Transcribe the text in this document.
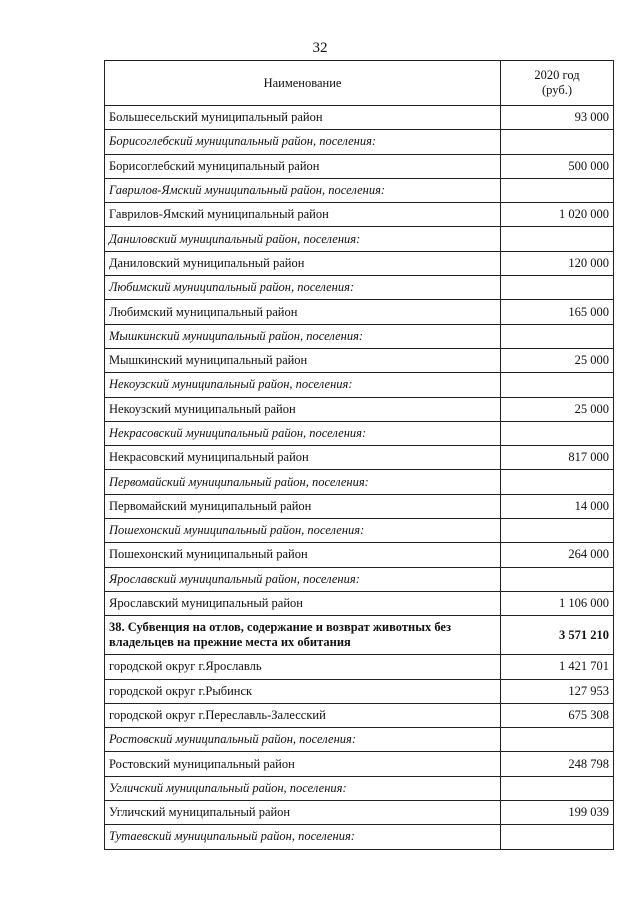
32
Наименование	2020 год
(руб.)
Большесельский муниципальный район	93 000
Борисоглебский муниципальный район, поселения:	
Борисоглебский муниципальный район	500 000
Гаврилов-Ямский муниципальный район, поселения:	
Гаврилов-Ямский муниципальный район	1 020 000
Даниловский муниципальный район, поселения:	
Даниловский муниципальный район	120 000
Любимский муниципальный район, поселения:	
Любимский муниципальный район	165 000
Мышкинский муниципальный район, поселения:	
Мышкинский муниципальный район	25 000
Некоузский муниципальный район, поселения:	
Некоузский муниципальный район	25 000
Некрасовский муниципальный район, поселения:	
Некрасовский муниципальный район	817 000
Первомайский муниципальный район, поселения:	
Первомайский муниципальный район	14 000
Пошехонский муниципальный район, поселения:	
Пошехонский муниципальный район	264 000
Ярославский муниципальный район, поселения:	
Ярославский муниципальный район	1 106 000
38. Субвенция на отлов, содержание и возврат животных без владельцев на прежние места их обитания	3 571 210
городской округ г.Ярославль	1 421 701
городской округ г.Рыбинск	127 953
городской округ г.Переславль-Залесский	675 308
Ростовский муниципальный район, поселения:	
Ростовский муниципальный район	248 798
Угличский муниципальный район, поселения:	
Угличский муниципальный район	199 039
Тутаевский муниципальный район, поселения:	
